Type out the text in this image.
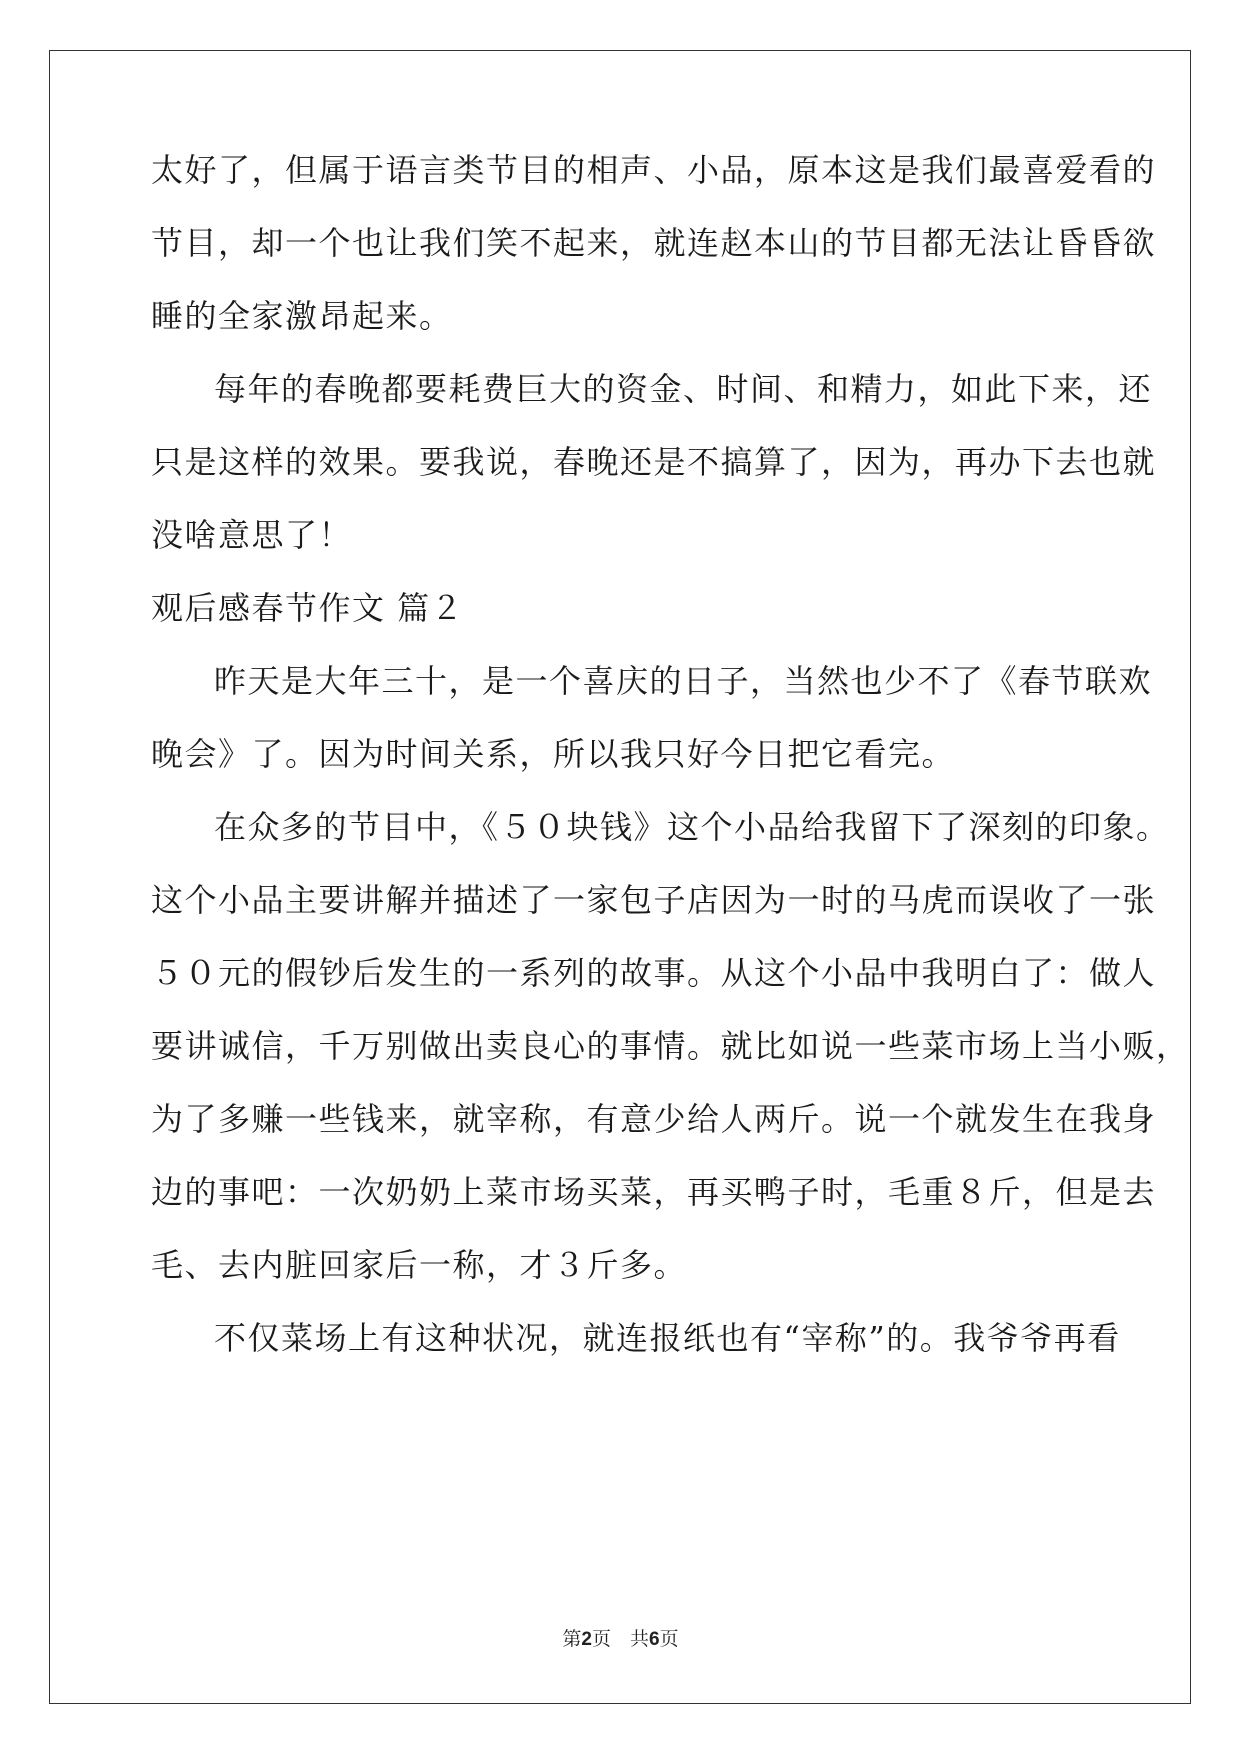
太好了，但属于语言类节目的相声、小品，原本这是我们最喜爱看的
节目，却一个也让我们笑不起来，就连赵本山的节目都无法让昏昏欲
睡的全家激昂起来。
每年的春晚都要耗费巨大的资金、时间、和精力，如此下来，还
只是这样的效果。要我说，春晚还是不搞算了，因为，再办下去也就
没啥意思了！
观后感春节作文 篇２
昨天是大年三十，是一个喜庆的日子，当然也少不了《春节联欢
晚会》了。因为时间关系，所以我只好今日把它看完。
在众多的节目中，《５０块钱》这个小品给我留下了深刻的印象。
这个小品主要讲解并描述了一家包子店因为一时的马虎而误收了一张
５０元的假钞后发生的一系列的故事。从这个小品中我明白了：做人
要讲诚信，千万别做出卖良心的事情。就比如说一些菜市场上当小贩，
为了多赚一些钱来，就宰称，有意少给人两斤。说一个就发生在我身
边的事吧：一次奶奶上菜市场买菜，再买鸭子时，毛重８斤，但是去
毛、去内脏回家后一称，才３斤多。
不仅菜场上有这种状况，就连报纸也有“宰称”的。我爷爷再看
第2页　共6页
